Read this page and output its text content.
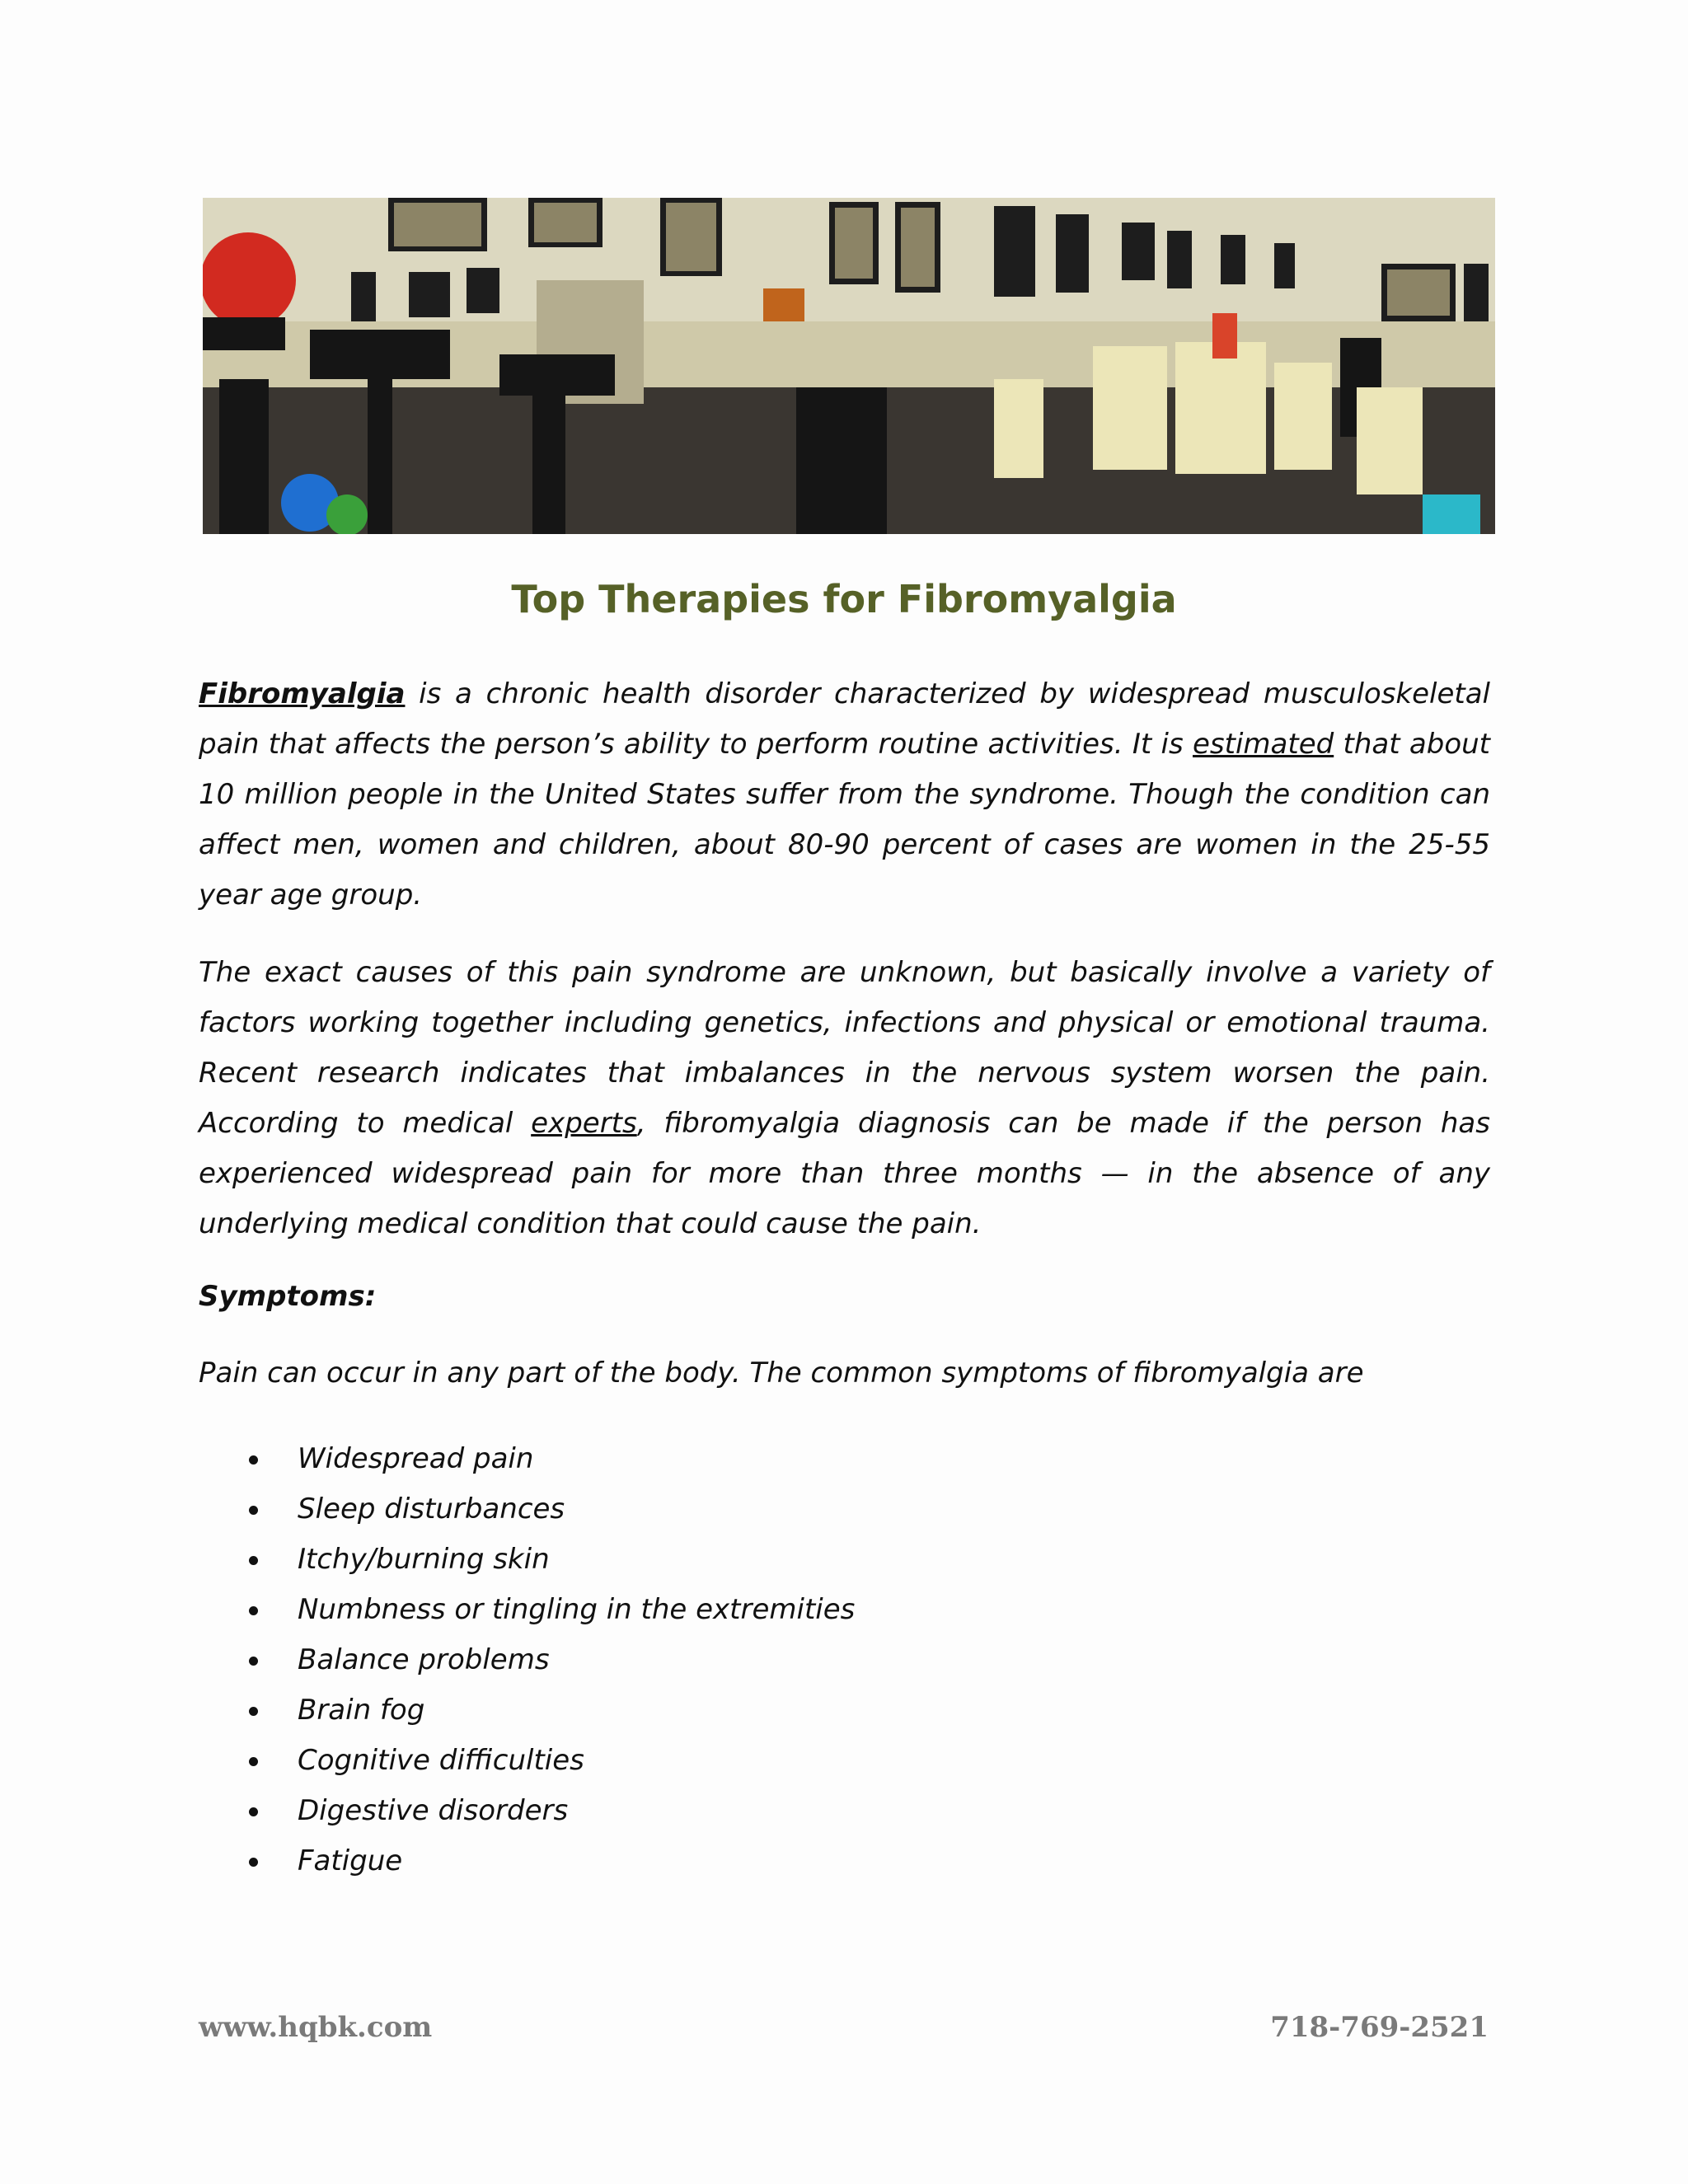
Top Therapies for Fibromyalgia

Fibromyalgia is a chronic health disorder characterized by widespread musculoskeletal pain that affects the person’s ability to perform routine activities. It is estimated that about 10 million people in the United States suffer from the syndrome. Though the condition can affect men, women and children, about 80-90 percent of cases are women in the 25-55 year age group.

The exact causes of this pain syndrome are unknown, but basically involve a variety of factors working together including genetics, infections and physical or emotional trauma. Recent research indicates that imbalances in the nervous system worsen the pain. According to medical experts, fibromyalgia diagnosis can be made if the person has experienced widespread pain for more than three months — in the absence of any underlying medical condition that could cause the pain.

Symptoms:

Pain can occur in any part of the body. The common symptoms of fibromyalgia are

Widespread pain
Sleep disturbances
Itchy/burning skin
Numbness or tingling in the extremities
Balance problems
Brain fog
Cognitive difficulties
Digestive disorders
Fatigue
www.hqbk.com	718-769-2521
